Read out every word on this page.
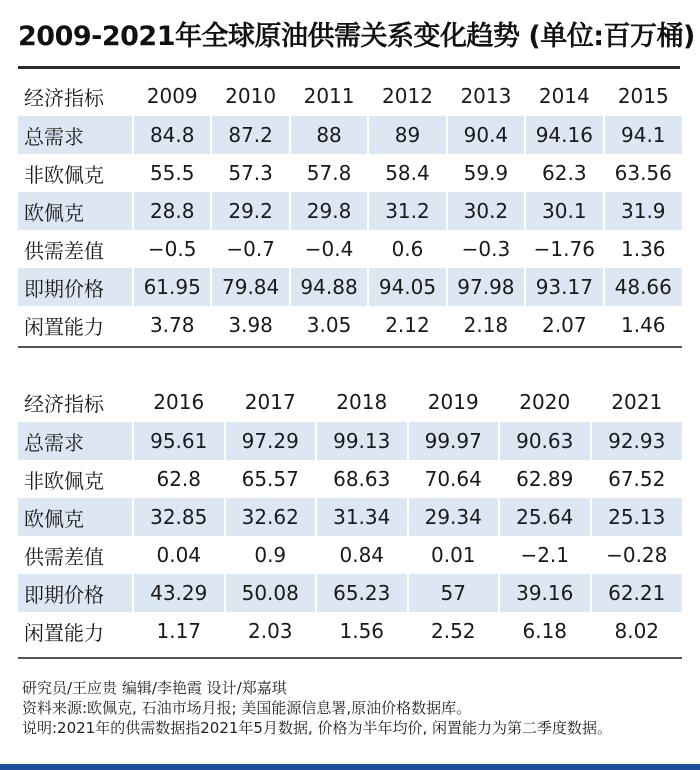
2009-2021年全球原油供需关系变化趋势 (单位:百万桶)
经济指标	2009	2010	2011	2012	2013	2014	2015
总需求	84.8	87.2	88	89	90.4	94.16	94.1
非欧佩克	55.5	57.3	57.8	58.4	59.9	62.3	63.56
欧佩克	28.8	29.2	29.8	31.2	30.2	30.1	31.9
供需差值	−0.5	−0.7	−0.4	0.6	−0.3	−1.76	1.36
即期价格	61.95	79.84	94.88	94.05	97.98	93.17	48.66
闲置能力	3.78	3.98	3.05	2.12	2.18	2.07	1.46
经济指标	2016	2017	2018	2019	2020	2021
总需求	95.61	97.29	99.13	99.97	90.63	92.93
非欧佩克	62.8	65.57	68.63	70.64	62.89	67.52
欧佩克	32.85	32.62	31.34	29.34	25.64	25.13
供需差值	0.04	0.9	0.84	0.01	−2.1	−0.28
即期价格	43.29	50.08	65.23	57	39.16	62.21
闲置能力	1.17	2.03	1.56	2.52	6.18	8.02
研究员/王应贵 编辑/李艳霞 设计/郑嘉琪
资料来源:欧佩克, 石油市场月报; 美国能源信息署,原油价格数据库。
说明:2021年的供需数据指2021年5月数据, 价格为半年均价, 闲置能力为第二季度数据。
